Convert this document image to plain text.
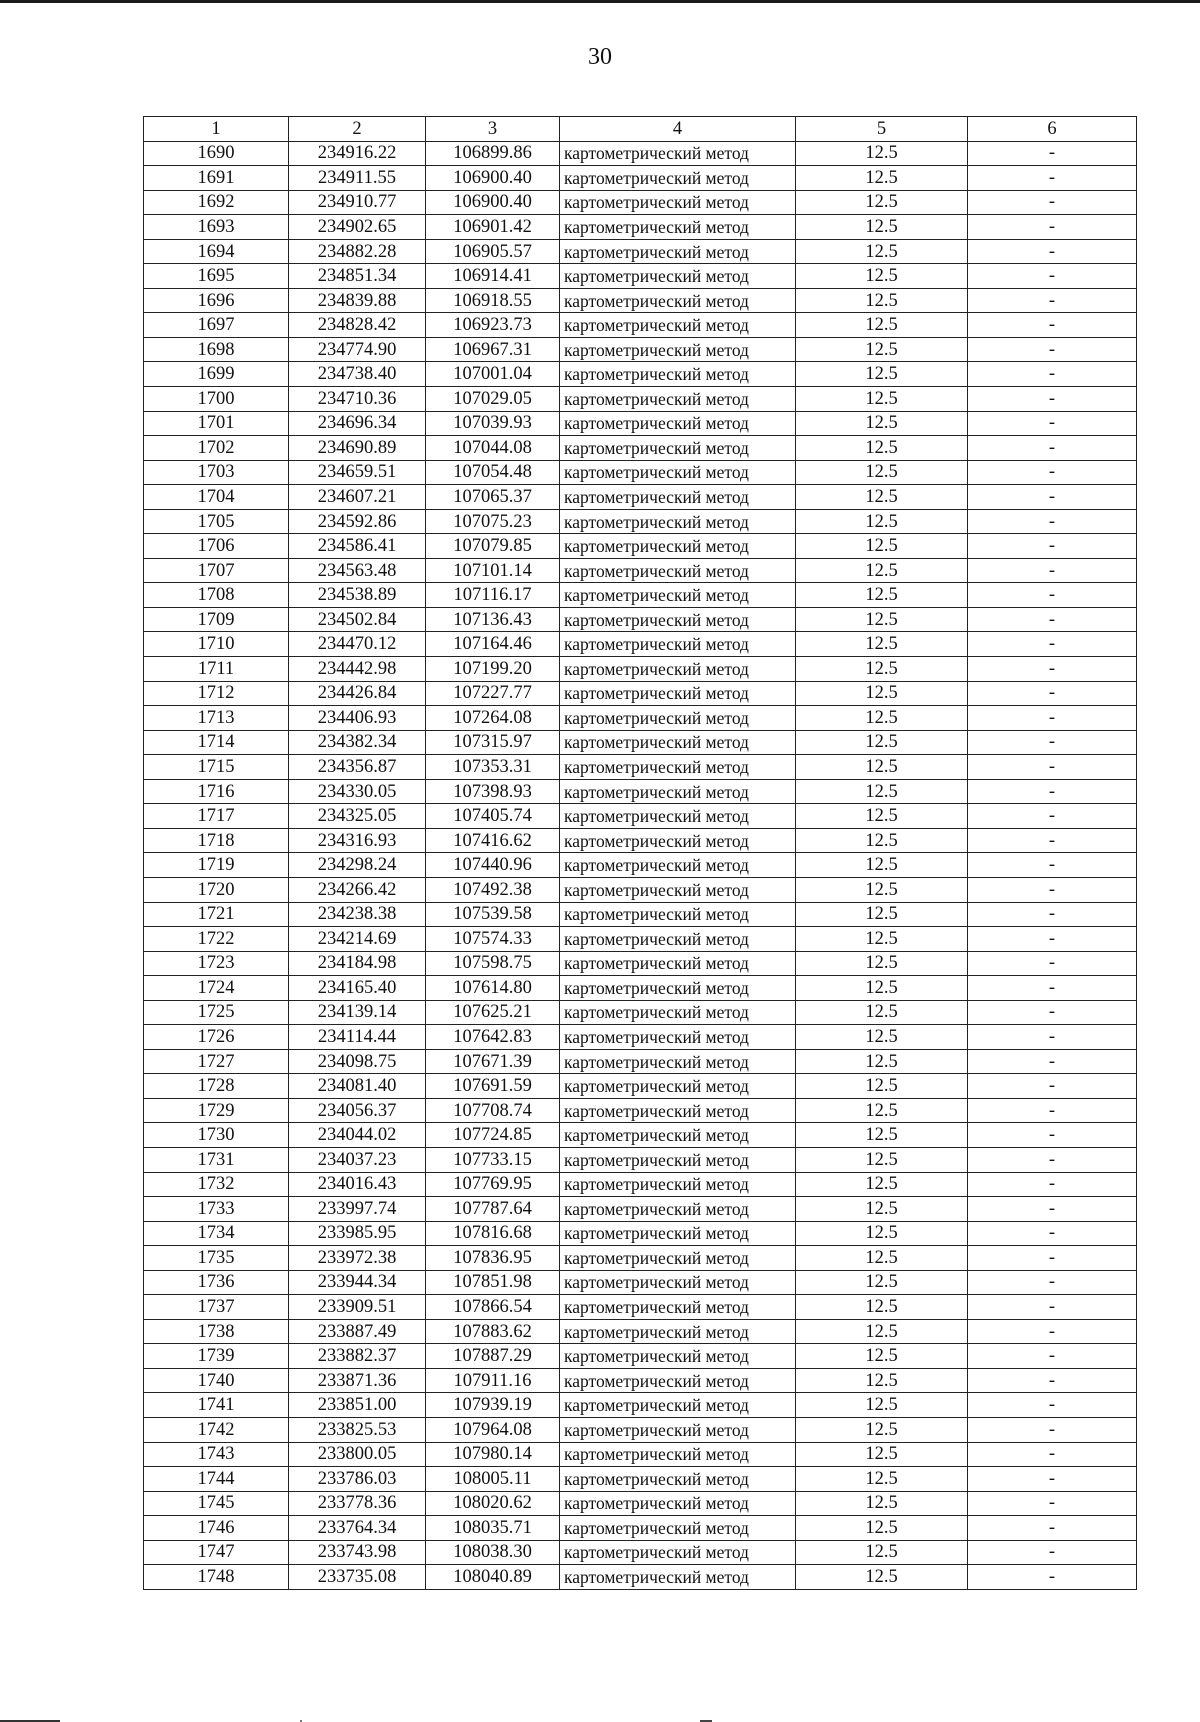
30
1	2	3	4	5	6
1690	234916.22	106899.86	картометрический метод	12.5	-
1691	234911.55	106900.40	картометрический метод	12.5	-
1692	234910.77	106900.40	картометрический метод	12.5	-
1693	234902.65	106901.42	картометрический метод	12.5	-
1694	234882.28	106905.57	картометрический метод	12.5	-
1695	234851.34	106914.41	картометрический метод	12.5	-
1696	234839.88	106918.55	картометрический метод	12.5	-
1697	234828.42	106923.73	картометрический метод	12.5	-
1698	234774.90	106967.31	картометрический метод	12.5	-
1699	234738.40	107001.04	картометрический метод	12.5	-
1700	234710.36	107029.05	картометрический метод	12.5	-
1701	234696.34	107039.93	картометрический метод	12.5	-
1702	234690.89	107044.08	картометрический метод	12.5	-
1703	234659.51	107054.48	картометрический метод	12.5	-
1704	234607.21	107065.37	картометрический метод	12.5	-
1705	234592.86	107075.23	картометрический метод	12.5	-
1706	234586.41	107079.85	картометрический метод	12.5	-
1707	234563.48	107101.14	картометрический метод	12.5	-
1708	234538.89	107116.17	картометрический метод	12.5	-
1709	234502.84	107136.43	картометрический метод	12.5	-
1710	234470.12	107164.46	картометрический метод	12.5	-
1711	234442.98	107199.20	картометрический метод	12.5	-
1712	234426.84	107227.77	картометрический метод	12.5	-
1713	234406.93	107264.08	картометрический метод	12.5	-
1714	234382.34	107315.97	картометрический метод	12.5	-
1715	234356.87	107353.31	картометрический метод	12.5	-
1716	234330.05	107398.93	картометрический метод	12.5	-
1717	234325.05	107405.74	картометрический метод	12.5	-
1718	234316.93	107416.62	картометрический метод	12.5	-
1719	234298.24	107440.96	картометрический метод	12.5	-
1720	234266.42	107492.38	картометрический метод	12.5	-
1721	234238.38	107539.58	картометрический метод	12.5	-
1722	234214.69	107574.33	картометрический метод	12.5	-
1723	234184.98	107598.75	картометрический метод	12.5	-
1724	234165.40	107614.80	картометрический метод	12.5	-
1725	234139.14	107625.21	картометрический метод	12.5	-
1726	234114.44	107642.83	картометрический метод	12.5	-
1727	234098.75	107671.39	картометрический метод	12.5	-
1728	234081.40	107691.59	картометрический метод	12.5	-
1729	234056.37	107708.74	картометрический метод	12.5	-
1730	234044.02	107724.85	картометрический метод	12.5	-
1731	234037.23	107733.15	картометрический метод	12.5	-
1732	234016.43	107769.95	картометрический метод	12.5	-
1733	233997.74	107787.64	картометрический метод	12.5	-
1734	233985.95	107816.68	картометрический метод	12.5	-
1735	233972.38	107836.95	картометрический метод	12.5	-
1736	233944.34	107851.98	картометрический метод	12.5	-
1737	233909.51	107866.54	картометрический метод	12.5	-
1738	233887.49	107883.62	картометрический метод	12.5	-
1739	233882.37	107887.29	картометрический метод	12.5	-
1740	233871.36	107911.16	картометрический метод	12.5	-
1741	233851.00	107939.19	картометрический метод	12.5	-
1742	233825.53	107964.08	картометрический метод	12.5	-
1743	233800.05	107980.14	картометрический метод	12.5	-
1744	233786.03	108005.11	картометрический метод	12.5	-
1745	233778.36	108020.62	картометрический метод	12.5	-
1746	233764.34	108035.71	картометрический метод	12.5	-
1747	233743.98	108038.30	картометрический метод	12.5	-
1748	233735.08	108040.89	картометрический метод	12.5	-
